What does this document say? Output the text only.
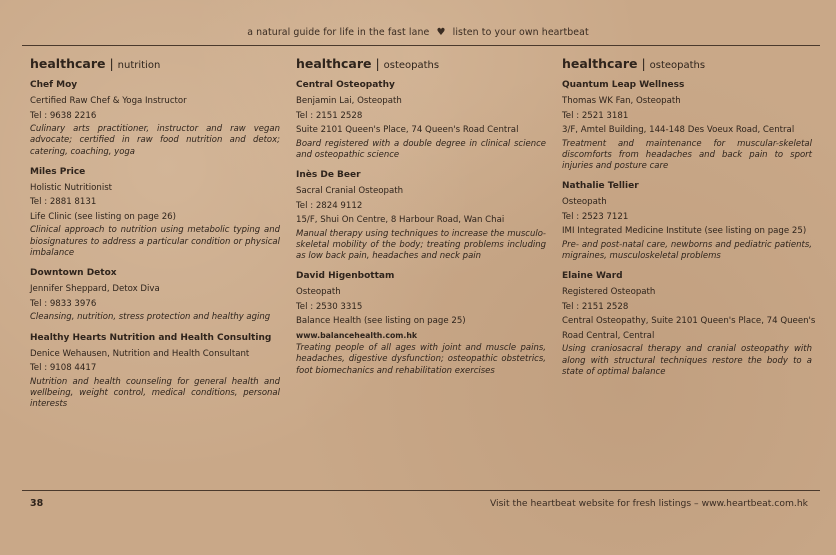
a natural guide for life in the fast lane ♥ listen to your own heartbeat
healthcare | nutrition
Chef Moy
Certified Raw Chef & Yoga Instructor
Tel : 9638 2216
Culinary arts practitioner, instructor and raw vegan advocate; certified in raw food nutrition and detox; catering, coaching, yoga
Miles Price
Holistic Nutritionist
Tel : 2881 8131
Life Clinic (see listing on page 26)
Clinical approach to nutrition using metabolic typing and biosignatures to address a particular condition or physical imbalance
Downtown Detox
Jennifer Sheppard, Detox Diva
Tel : 9833 3976
Cleansing, nutrition, stress protection and healthy aging
Healthy Hearts Nutrition and Health Consulting
Denice Wehausen, Nutrition and Health Consultant
Tel : 9108 4417
Nutrition and health counseling for general health and wellbeing, weight control, medical conditions, personal interests
healthcare | osteopaths
Central Osteopathy
Benjamin Lai, Osteopath
Tel : 2151 2528
Suite 2101 Queen's Place, 74 Queen's Road Central
Board registered with a double degree in clinical science and osteopathic science
Inès De Beer
Sacral Cranial Osteopath
Tel : 2824 9112
15/F, Shui On Centre, 8 Harbour Road, Wan Chai
Manual therapy using techniques to increase the musculo-skeletal mobility of the body; treating problems including as low back pain, headaches and neck pain
David Higenbottam
Osteopath
Tel : 2530 3315
Balance Health (see listing on page 25)
www.balancehealth.com.hk
Treating people of all ages with joint and muscle pains, headaches, digestive dysfunction; osteopathic obstetrics, foot biomechanics and rehabilitation exercises
healthcare | osteopaths
Quantum Leap Wellness
Thomas WK Fan, Osteopath
Tel : 2521 3181
3/F, Amtel Building, 144-148 Des Voeux Road, Central
Treatment and maintenance for muscular-skeletal discomforts from headaches and back pain to sport injuries and posture care
Nathalie Tellier
Osteopath
Tel : 2523 7121
IMI Integrated Medicine Institute (see listing on page 25)
Pre- and post-natal care, newborns and pediatric patients, migraines, musculoskeletal problems
Elaine Ward
Registered Osteopath
Tel : 2151 2528
Central Osteopathy, Suite 2101 Queen's Place, 74 Queen's
Road Central, Central
Using craniosacral therapy and cranial osteopathy with along with structural techniques restore the body to a state of optimal balance
38	Visit the heartbeat website for fresh listings – www.heartbeat.com.hk
